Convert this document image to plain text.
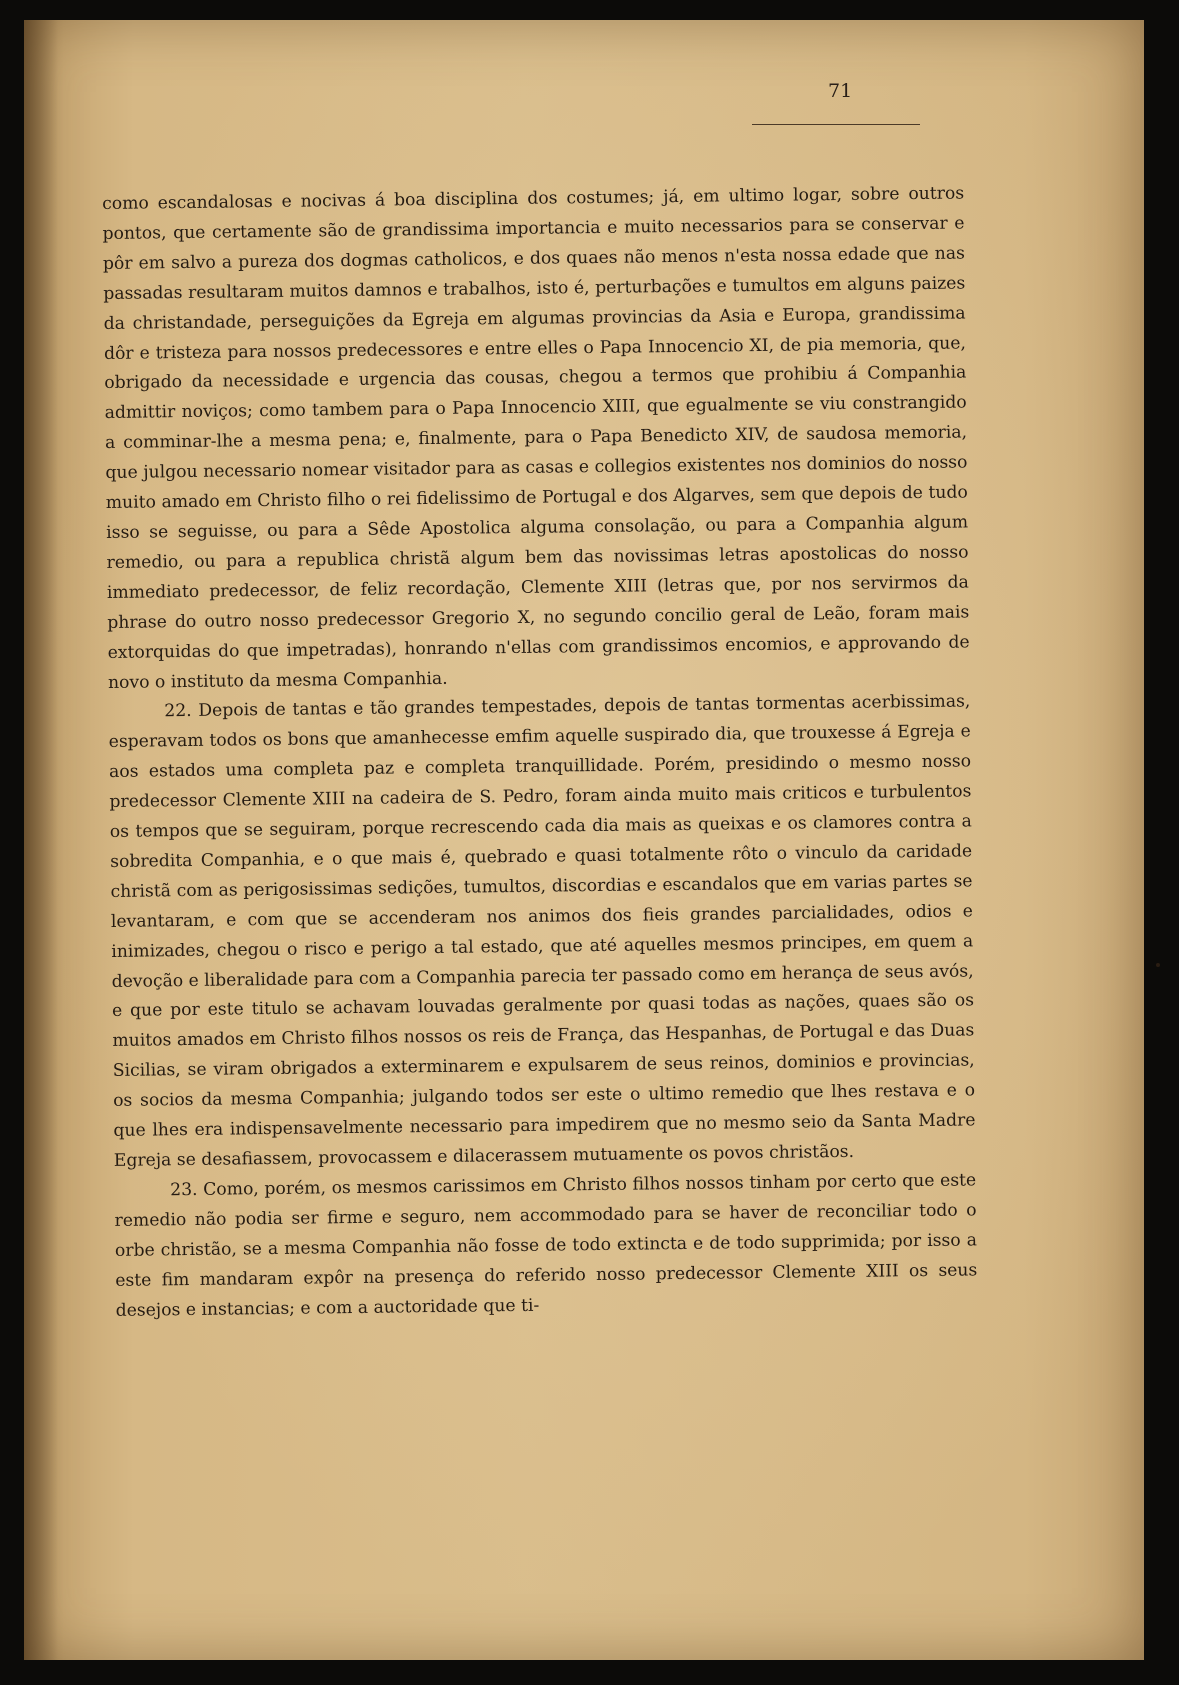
71

como escandalosas e nocivas á boa disciplina dos costumes; já, em ultimo logar, sobre outros pontos, que certamente são de grandissima importancia e muito necessarios para se conservar e pôr em salvo a pureza dos dogmas catholicos, e dos quaes não menos n'esta nossa edade que nas passadas resultaram muitos damnos e trabalhos, isto é, perturbações e tumultos em alguns paizes da christandade, perseguições da Egreja em algumas provincias da Asia e Europa, grandissima dôr e tristeza para nossos predecessores e entre elles o Papa Innocencio XI, de pia memoria, que, obrigado da necessidade e urgencia das cousas, chegou a termos que prohibiu á Companhia admittir noviços; como tambem para o Papa Innocencio XIII, que egualmente se viu constrangido a comminar-lhe a mesma pena; e, finalmente, para o Papa Benedicto XIV, de saudosa memoria, que julgou necessario nomear visitador para as casas e collegios existentes nos dominios do nosso muito amado em Christo filho o rei fidelissimo de Portugal e dos Algarves, sem que depois de tudo isso se seguisse, ou para a Sêde Apostolica alguma consolação, ou para a Companhia algum remedio, ou para a republica christã algum bem das novissimas letras apostolicas do nosso immediato predecessor, de feliz recordação, Clemente XIII (letras que, por nos servirmos da phrase do outro nosso predecessor Gregorio X, no segundo concilio geral de Leão, foram mais extorquidas do que impetradas), honrando n'ellas com grandissimos encomios, e approvando de novo o instituto da mesma Companhia.

22. Depois de tantas e tão grandes tempestades, depois de tantas tormentas acerbissimas, esperavam todos os bons que amanhecesse emfim aquelle suspirado dia, que trouxesse á Egreja e aos estados uma completa paz e completa tranquillidade. Porém, presidindo o mesmo nosso predecessor Clemente XIII na cadeira de S. Pedro, foram ainda muito mais criticos e turbulentos os tempos que se seguiram, porque recrescendo cada dia mais as queixas e os clamores contra a sobredita Companhia, e o que mais é, quebrado e quasi totalmente rôto o vinculo da caridade christã com as perigosissimas sedições, tumultos, discordias e escandalos que em varias partes se levantaram, e com que se accenderam nos animos dos fieis grandes parcialidades, odios e inimizades, chegou o risco e perigo a tal estado, que até aquelles mesmos principes, em quem a devoção e liberalidade para com a Companhia parecia ter passado como em herança de seus avós, e que por este titulo se achavam louvadas geralmente por quasi todas as nações, quaes são os muitos amados em Christo filhos nossos os reis de França, das Hespanhas, de Portugal e das Duas Sicilias, se viram obrigados a exterminarem e expulsarem de seus reinos, dominios e provincias, os socios da mesma Companhia; julgando todos ser este o ultimo remedio que lhes restava e o que lhes era indispensavelmente necessario para impedirem que no mesmo seio da Santa Madre Egreja se desafiassem, provocassem e dilacerassem mutuamente os povos christãos.

23. Como, porém, os mesmos carissimos em Christo filhos nossos tinham por certo que este remedio não podia ser firme e seguro, nem accommodado para se haver de reconciliar todo o orbe christão, se a mesma Companhia não fosse de todo extincta e de todo supprimida; por isso a este fim mandaram expôr na presença do referido nosso predecessor Clemente XIII os seus desejos e instancias; e com a auctoridade que ti-
